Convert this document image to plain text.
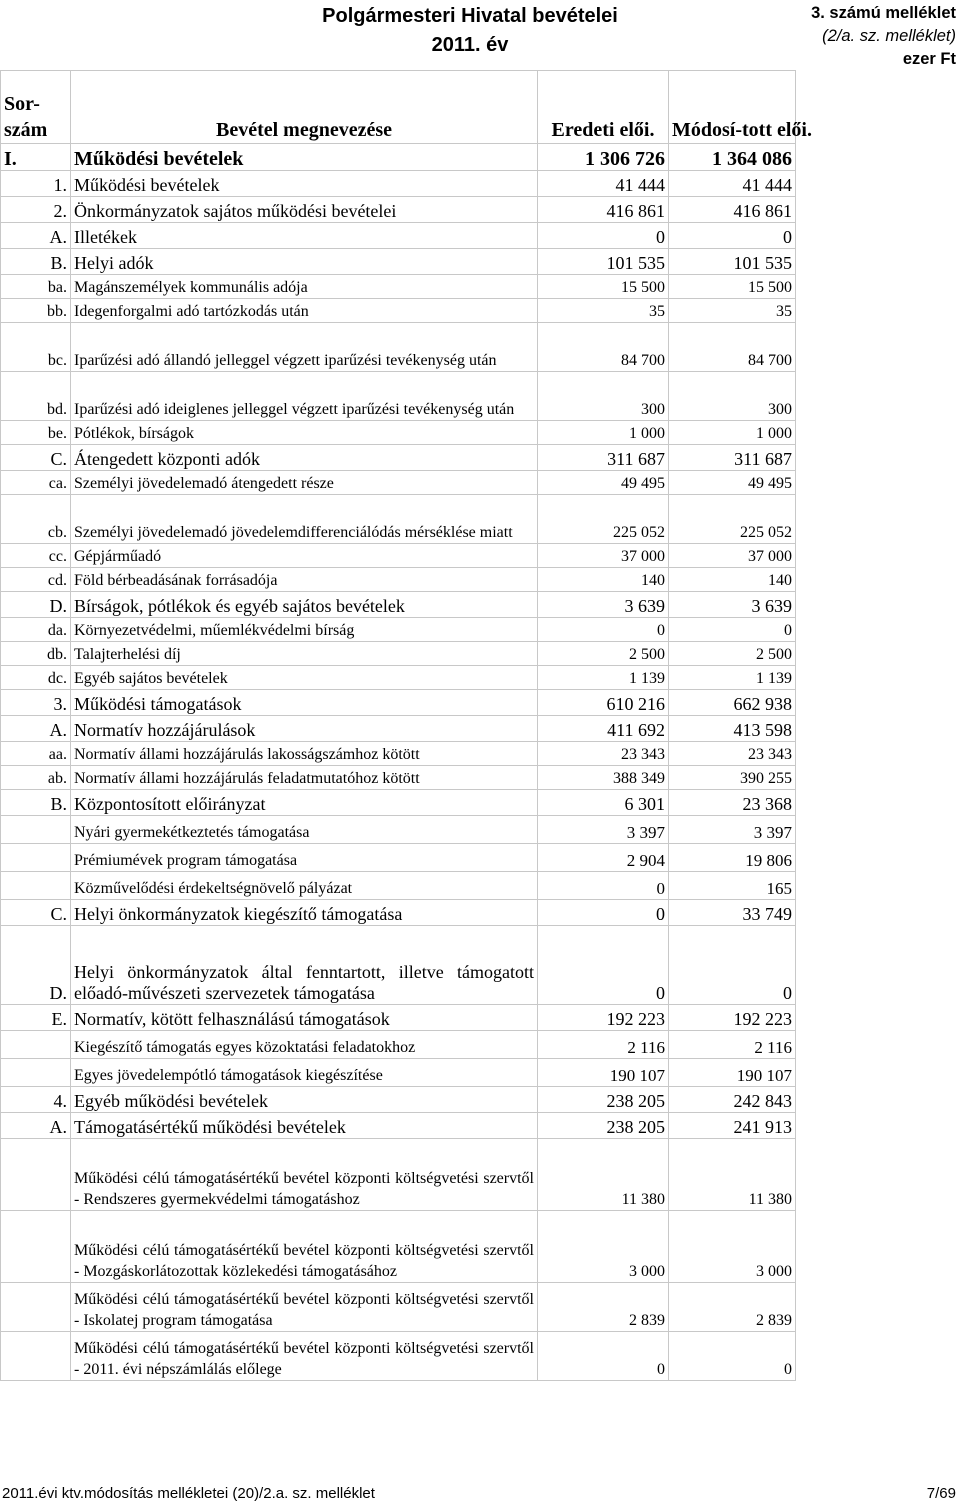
Polgármesteri Hivatal bevételei
2011. év
3. számú melléklet
(2/a. sz. melléklet)
ezer Ft
Sor-szám	Bevétel megnevezése	Eredeti elői.	Módosí-tott elői.
I.	Működési bevételek	1 306 726	1 364 086
1.	Működési bevételek	41 444	41 444
2.	Önkormányzatok sajátos működési bevételei	416 861	416 861
A.	Illetékek	0	0
B.	Helyi adók	101 535	101 535
ba.	Magánszemélyek kommunális adója	15 500	15 500
bb.	Idegenforgalmi adó tartózkodás után	35	35
bc.	Iparűzési adó állandó jelleggel végzett iparűzési tevékenység után	84 700	84 700
bd.	Iparűzési adó ideiglenes jelleggel végzett iparűzési tevékenység után	300	300
be.	Pótlékok, bírságok	1 000	1 000
C.	Átengedett központi adók	311 687	311 687
ca.	Személyi jövedelemadó átengedett része	49 495	49 495
cb.	Személyi jövedelemadó jövedelemdifferenciálódás mérséklése miatt	225 052	225 052
cc.	Gépjárműadó	37 000	37 000
cd.	Föld bérbeadásának forrásadója	140	140
D.	Bírságok, pótlékok és egyéb sajátos bevételek	3 639	3 639
da.	Környezetvédelmi, műemlékvédelmi bírság	0	0
db.	Talajterhelési díj	2 500	2 500
dc.	Egyéb sajátos bevételek	1 139	1 139
3.	Működési támogatások	610 216	662 938
A.	Normatív hozzájárulások	411 692	413 598
aa.	Normatív állami hozzájárulás lakosságszámhoz kötött	23 343	23 343
ab.	Normatív állami hozzájárulás feladatmutatóhoz kötött	388 349	390 255
B.	Központosított előirányzat	6 301	23 368
	Nyári gyermekétkeztetés támogatása	3 397	3 397
	Prémiumévek program támogatása	2 904	19 806
	Közművelődési érdekeltségnövelő pályázat	0	165
C.	Helyi önkormányzatok kiegészítő támogatása	0	33 749
D.	Helyi önkormányzatok által fenntartott, illetve támogatott előadó-művészeti szervezetek támogatása	0	0
E.	Normatív, kötött felhasználású támogatások	192 223	192 223
	Kiegészítő támogatás egyes közoktatási feladatokhoz	2 116	2 116
	Egyes jövedelempótló támogatások kiegészítése	190 107	190 107
4.	Egyéb működési bevételek	238 205	242 843
A.	Támogatásértékű működési bevételek	238 205	241 913
	Működési célú támogatásértékű bevétel központi költségvetési szervtől - Rendszeres gyermekvédelmi támogatáshoz	11 380	11 380
	Működési célú támogatásértékű bevétel központi költségvetési szervtől - Mozgáskorlátozottak közlekedési támogatásához	3 000	3 000
	Működési célú támogatásértékű bevétel központi költségvetési szervtől - Iskolatej program támogatása	2 839	2 839
	Működési célú támogatásértékű bevétel központi költségvetési szervtől - 2011. évi népszámlálás előlege	0	0
2011.évi ktv.módosítás mellékletei (20)/2.a. sz. melléklet	7/69
